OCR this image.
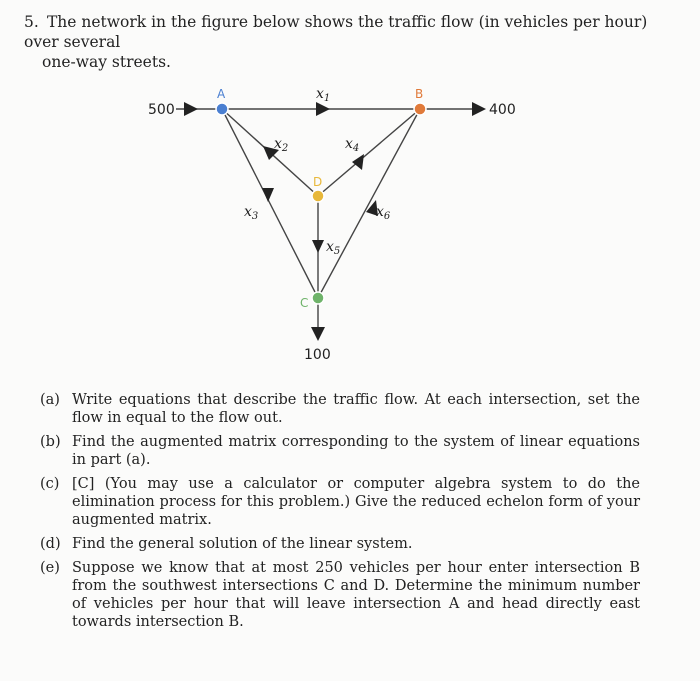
5. The network in the figure below shows the traffic flow (in vehicles per hour) over several
one-way streets.
A	B
C
D
500	400
100
$x_1$
$x_2$
$x_3$
$x_4$
$x_5$
$x_6$
(a) Write equations that describe the traffic flow. At each intersection, set the flow in equal to the flow out.
(b) Find the augmented matrix corresponding to the system of linear equations in part (a).
(c) [C] (You may use a calculator or computer algebra system to do the elimination process for this problem.) Give the reduced echelon form of your augmented matrix.
(d) Find the general solution of the linear system.
(e) Suppose we know that at most 250 vehicles per hour enter intersection B from the southwest intersections C and D. Determine the minimum number of vehicles per hour that will leave intersection A and head directly east towards intersection B.
